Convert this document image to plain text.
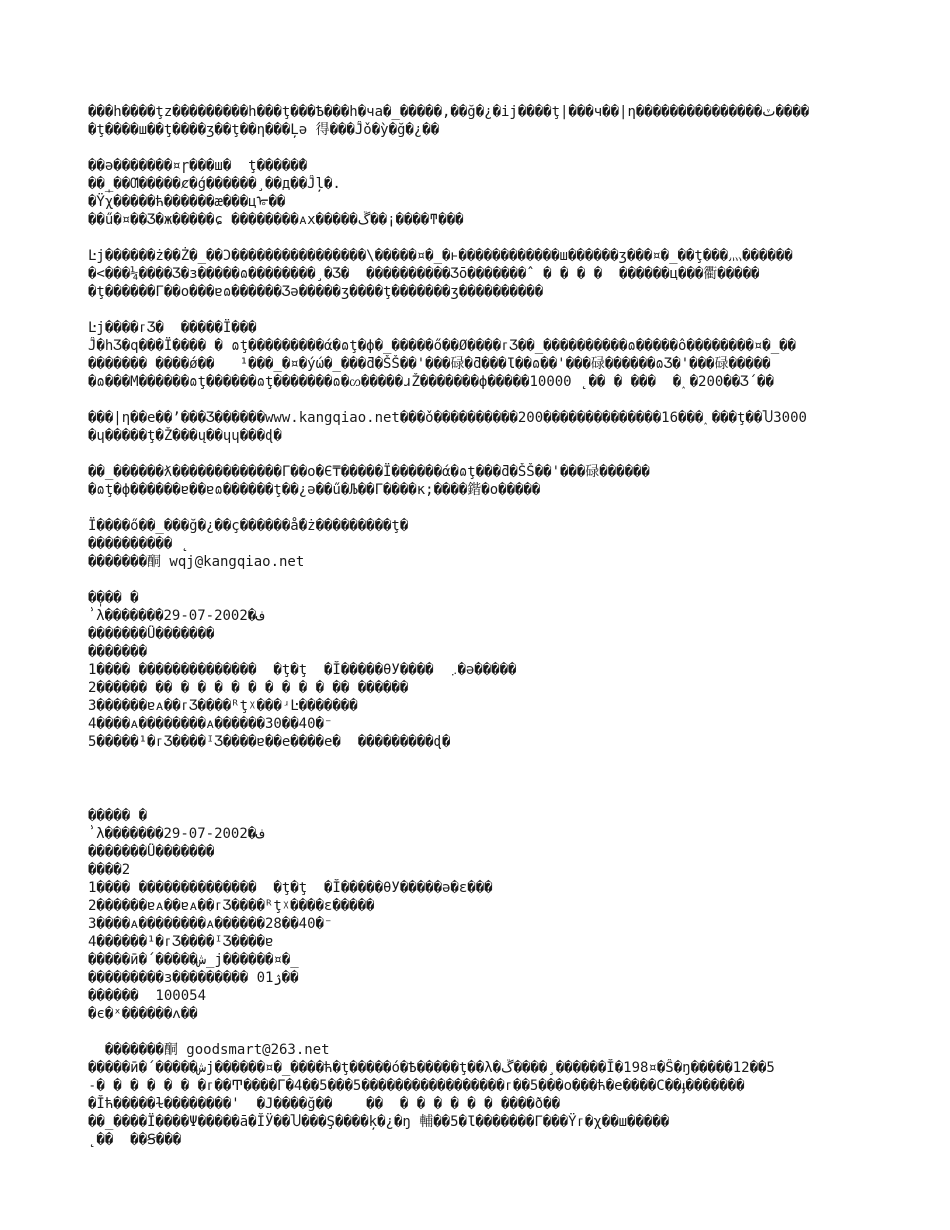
���h����ţz���������h���ţ���Ѣ���h�чa�_�����,��ğ�¿�ij����ţ|���ч��|η���������������ٽ����
�ţ����ш��ţ����ӡ��ţ��η���Ļǝ 得���Ĵǒ�ỳ�ğ�¿��
��ə�������¤ɼ���ш�  ţ�����ܶ�
��̩_��Ƣ�����ȼ�ǵ������¸��д��Ĵļ�.
�Ÿχ�����ћ������ӕ���цᢛ��
��ű�¤��Ʒ�ж�����ɕ ��������ᴀх�����ڴ��¡����ͳ���
Ŀj������ż��Ż�_��Ɔ����������������\�����¤�_�ͱ������������ш������ӡ���¤�_��ţ���灬������
�<���¼����Ʒ�ɜ�����ɷ��������¸�Ʒ�  ����������Ʒō�������ˆ � � � �  ������ц���衢�����
�ţ������Г��о���ɐɷ������Ʒǝ�����ӡ����ţ�������ӡ����������
Ŀj����ᴦƷ�  �����Ї���
Ĵ�һƷ�q���Ї���� � ɷţ���������ά�ɷţ�ф�_�����ő��Ø����ᴦƷ��_����������ɷ�����ô��������¤�_��
������� ����ǿ��   ¹���_�¤�ýώ�_���ƌ�ŠŠ��'���碌�ƌ���Ɩ��ɷ��'���碌������ɷƷ�'���碌�����
�ɷ���М������ɷţ������ɷţ�������ɷ�ᦠ�����ɹŽ�������ф�����10000 ˛�� � ���  �˰�200��Ʒ´��
���|η��е��ʼ���Ʒ������www.kangqiao.net���ǒ����������200��������������16���˰���ţ��Ⴎ3000
�ɥ�����ţ�Ž���ų��ɥɥ���ɖ�
��_������ƛ�������������Г��о�Є₸�����Ї������ά�ɷţ���ƌ�ŠŠ��'���碌������
�ɷţ�ф������ɐ��ɐɷ������ţ��¿ə��ű�Љ��Г����ĸ;����鍇�о�����
Ї����ő��_���ğ�¿��ç������ǻ�ż���������ţ�
���������� ˛
�������酮 wqj@kangqiao.net
�̩��� �
ⸯλ�������29-07-2002�ف
�������Ǘ�������
�������
1���� ��������������  �ţ�ţ  �Ĭ�����θУ����  ܇�ə�����
2������ �� � � � � � � � � � �� ������
3������ɐᴀ��ᴦƷ����ᴿţᵡ���ʴĿ�������
4����ᴀ��������ᴀ������30��40�⁻
5�����¹�ᴦƷ����ᴵƷ����ɐ��е����е�  ���������ɖ�
����� �
ⸯλ�������29-07-2002�ف
�������Ǘ�������
����2
1���� ��������������  �ţ�ţ  �Ĭ�����θУ�����ə�ɛ���
2������ɐᴀ��ɐᴀ��ᴦƷ����ᴿţᵡ����ɛ�����
3����ᴀ��������ᴀ������28��40�⁻
4������¹�ᴦƷ����ᴵƷ����ɐ
�����ӣ�´�����ش_j������¤�_
���������ɜ��������� ۯ01��
������  100054
�є�ˣ������ᴧ��
�������酮 goodsmart@263.net
�����ӣ�´�����شј������¤�_����ћ�ţ�����ó�Ѣ�����ţ��λ�ڴ����¸������Ĭ�198¤�Ŝ�ŋ�����12��5
˗� � � � � � �ᴦ��Ͳ����Г�4��5���5�����������������ᴦ��5���о���ћ�е����С��ֈ�������
�Ĭћ�����ɫ��������'  �J����ğ��    ��  � � � � � � ����ð��
��_����Ї����Ψ�����ā�ĬӰ��Ⴎ���Ş����ķ�¿�ŋ 輔��5�Ɩ�������Г���Ÿᴦ�χ��ш�����
˛��  ��Ꞩ���
